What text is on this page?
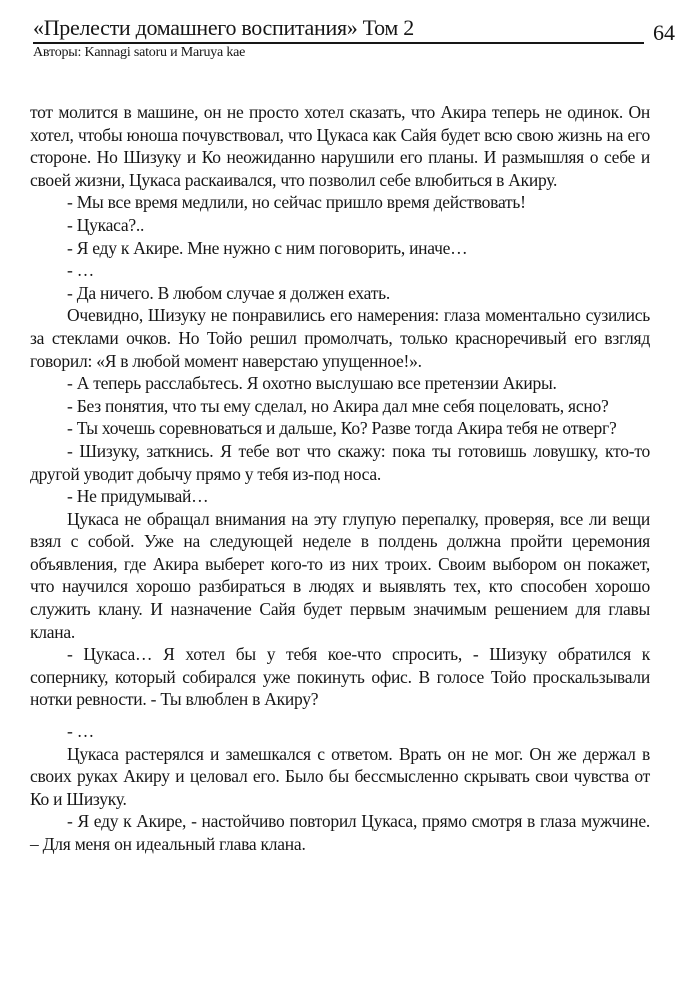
«Прелести домашнего воспитания» Том 2	64
Авторы: Kannagi satoru и Maruya kae

тот молится в машине, он не просто хотел сказать, что Акира теперь не одинок. Он хотел, чтобы юноша почувствовал, что Цукаса как Сайя будет всю свою жизнь на его стороне. Но Шизуку и Ко неожиданно нарушили его планы. И размышляя о себе и своей жизни, Цукаса раскаивался, что позволил себе влюбиться в Акиру.

- Мы все время медлили, но сейчас пришло время действовать!

- Цукаса?..

- Я еду к Акире. Мне нужно с ним поговорить, иначе…

- …

- Да ничего. В любом случае я должен ехать.

Очевидно, Шизуку не понравились его намерения: глаза моментально сузились за стеклами очков. Но Тойо решил промолчать, только красноречивый его взгляд говорил: «Я в любой момент наверстаю упущенное!».

- А теперь расслабьтесь. Я охотно выслушаю все претензии Акиры.

- Без понятия, что ты ему сделал, но Акира дал мне себя поцеловать, ясно?

- Ты хочешь соревноваться и дальше, Ко? Разве тогда Акира тебя не отверг?

- Шизуку, заткнись. Я тебе вот что скажу: пока ты готовишь ловушку, кто-то другой уводит добычу прямо у тебя из-под носа.

- Не придумывай…

Цукаса не обращал внимания на эту глупую перепалку, проверяя, все ли вещи взял с собой. Уже на следующей неделе в полдень должна пройти церемония объявления, где Акира выберет кого-то из них троих. Своим выбором он покажет, что научился хорошо разбираться в людях и выявлять тех, кто способен хорошо служить клану. И назначение Сайя будет первым значимым решением для главы клана.

- Цукаса… Я хотел бы у тебя кое-что спросить, - Шизуку обратился к сопернику, который собирался уже покинуть офис. В голосе Тойо проскальзывали нотки ревности. - Ты влюблен в Акиру?

- …

Цукаса растерялся и замешкался с ответом. Врать он не мог. Он же держал в своих руках Акиру и целовал его. Было бы бессмысленно скрывать свои чувства от Ко и Шизуку.

- Я еду к Акире, - настойчиво повторил Цукаса, прямо смотря в глаза мужчине. – Для меня он идеальный глава клана.
